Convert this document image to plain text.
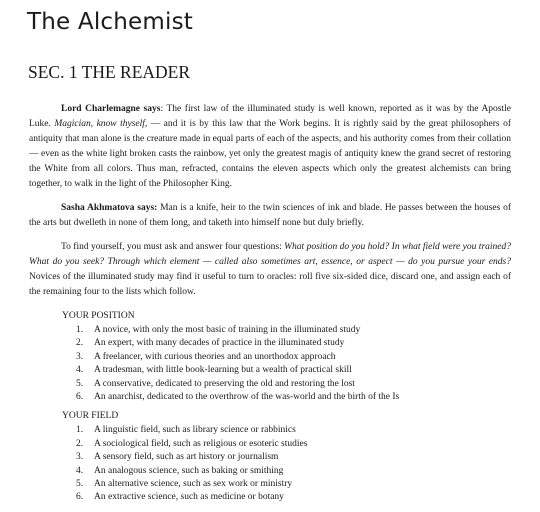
The Alchemist
SEC. 1 THE READER

Lord Charlemagne says: The first law of the illuminated study is well known, reported as it was by the Apostle Luke. Magician, know thyself, — and it is by this law that the Work begins. It is rightly said by the great philosophers of antiquity that man alone is the creature made in equal parts of each of the aspects, and his authority comes from their collation — even as the white light broken casts the rainbow, yet only the greatest magis of antiquity knew the grand secret of restoring the White from all colors. Thus man, refracted, contains the eleven aspects which only the greatest alchemists can bring together, to walk in the light of the Philosopher King.

Sasha Akhmatova says: Man is a knife, heir to the twin sciences of ink and blade. He passes between the houses of the arts but dwelleth in none of them long, and taketh into himself none but duly briefly.

To find yourself, you must ask and answer four questions: What position do you hold? In what field were you trained? What do you seek? Through which element — called also sometimes art, essence, or aspect — do you pursue your ends? Novices of the illuminated study may find it useful to turn to oracles: roll five six-sided dice, discard one, and assign each of the remaining four to the lists which follow.

YOUR POSITION

1. A novice, with only the most basic of training in the illuminated study
2. An expert, with many decades of practice in the illuminated study
3. A freelancer, with curious theories and an unorthodox approach
4. A tradesman, with little book-learning but a wealth of practical skill
5. A conservative, dedicated to preserving the old and restoring the lost
6. An anarchist, dedicated to the overthrow of the was-world and the birth of the Is

YOUR FIELD

1. A linguistic field, such as library science or rabbinics
2. A sociological field, such as religious or esoteric studies
3. A sensory field, such as art history or journalism
4. An analogous science, such as baking or smithing
5. An alternative science, such as sex work or ministry
6. An extractive science, such as medicine or botany
